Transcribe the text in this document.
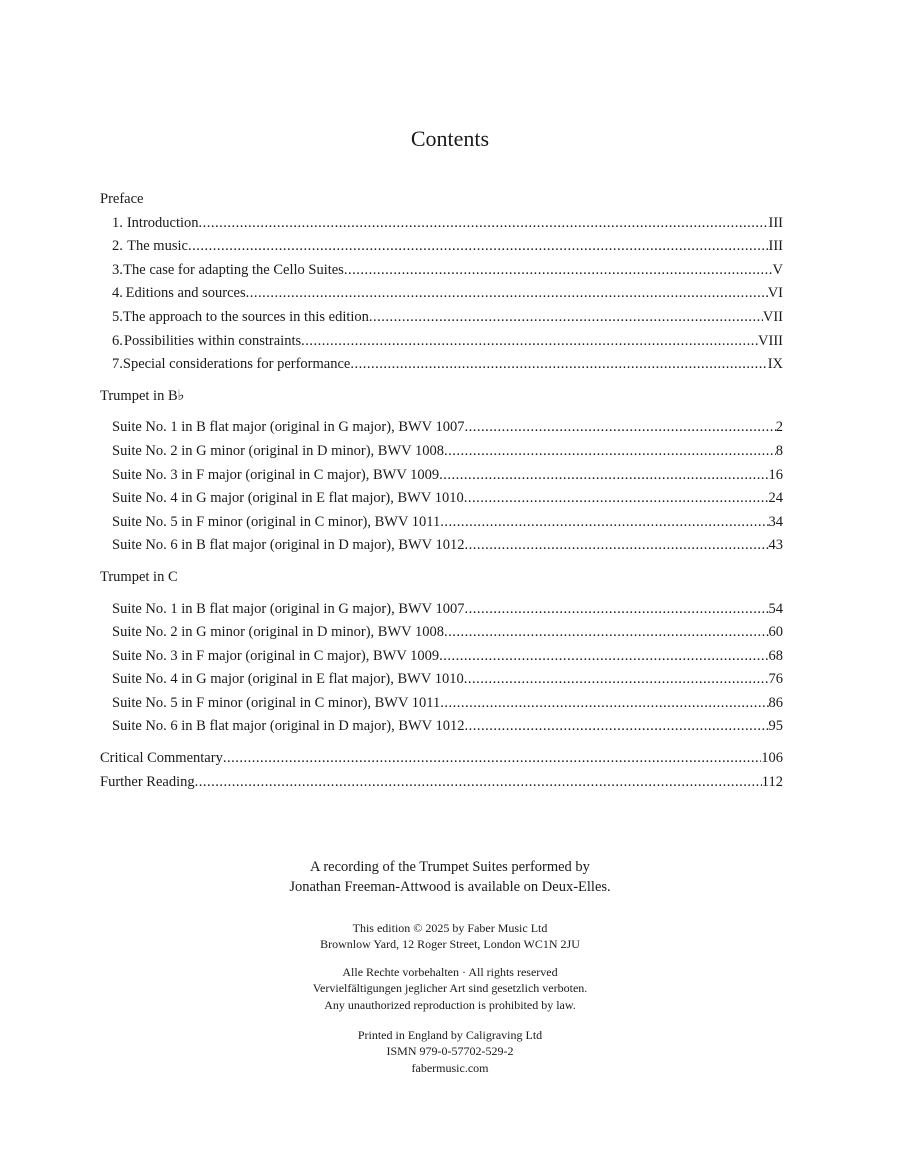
Contents
Preface
1. Introduction .....	III
2. The music .....	III
3. The case for adapting the Cello Suites .....	V
4. Editions and sources .....	VI
5. The approach to the sources in this edition .....	VII
6. Possibilities within constraints .....	VIII
7. Special considerations for performance .....	IX
Trumpet in B♭
Suite No. 1 in B flat major (original in G major), BWV 1007 .....	2
Suite No. 2 in G minor (original in D minor), BWV 1008 .....	8
Suite No. 3 in F major (original in C major), BWV 1009 .....	16
Suite No. 4 in G major (original in E flat major), BWV 1010 .....	24
Suite No. 5 in F minor (original in C minor), BWV 1011 .....	34
Suite No. 6 in B flat major (original in D major), BWV 1012 .....	43
Trumpet in C
Suite No. 1 in B flat major (original in G major), BWV 1007 .....	54
Suite No. 2 in G minor (original in D minor), BWV 1008 .....	60
Suite No. 3 in F major (original in C major), BWV 1009 .....	68
Suite No. 4 in G major (original in E flat major), BWV 1010 .....	76
Suite No. 5 in F minor (original in C minor), BWV 1011 .....	86
Suite No. 6 in B flat major (original in D major), BWV 1012 .....	95
Critical Commentary .....	106
Further Reading .....	112
A recording of the Trumpet Suites performed by
Jonathan Freeman-Attwood is available on Deux-Elles.
This edition © 2025 by Faber Music Ltd
Brownlow Yard, 12 Roger Street, London WC1N 2JU
Alle Rechte vorbehalten · All rights reserved
Vervielfältigungen jeglicher Art sind gesetzlich verboten.
Any unauthorized reproduction is prohibited by law.
Printed in England by Caligraving Ltd
ISMN 979-0-57702-529-2
fabermusic.com
